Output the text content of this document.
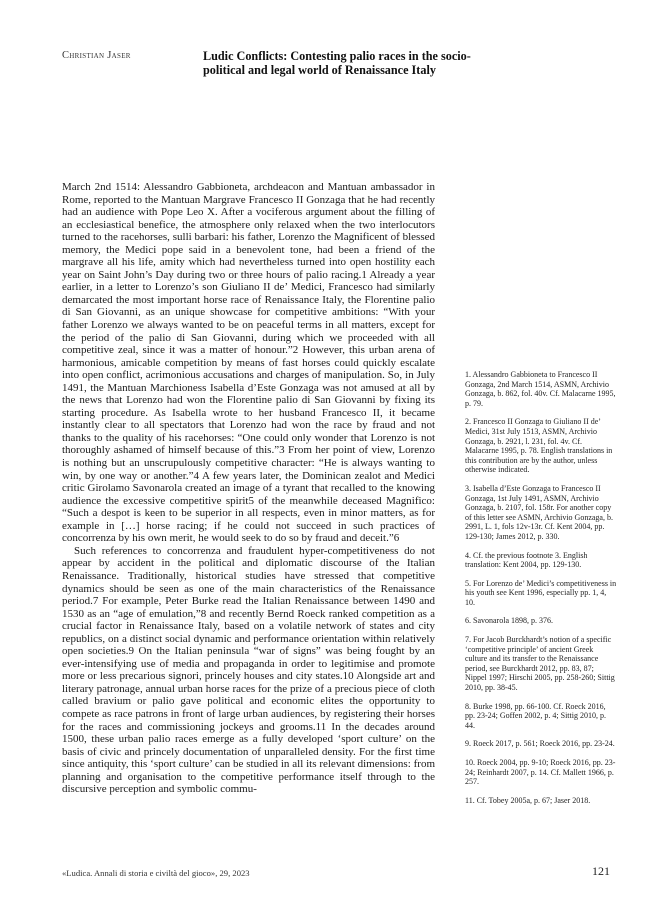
Christian Jaser	Ludic Conflicts: Contesting palio races in the socio-political and legal world of Renaissance Italy

March 2nd 1514: Alessandro Gabbioneta, archdeacon and Mantuan ambassador in Rome, reported to the Mantuan Margrave Francesco II Gonzaga that he had recently had an audience with Pope Leo X. After a vociferous argument about the filling of an ecclesiastical benefice, the atmosphere only relaxed when the two interlocutors turned to the racehorses, sulli barbari: his father, Lorenzo the Magnificent of blessed memory, the Medici pope said in a benevolent tone, had been a friend of the margrave all his life, amity which had nevertheless turned into open hostility each year on Saint John’s Day during two or three hours of palio racing.1 Already a year earlier, in a letter to Lorenzo’s son Giuliano II de’ Medici, Francesco had similarly demarcated the most important horse race of Renaissance Italy, the Florentine palio di San Giovanni, as an unique showcase for competitive ambitions: “With your father Lorenzo we always wanted to be on peaceful terms in all matters, except for the period of the palio di San Giovanni, during which we proceeded with all competitive zeal, since it was a matter of honour.”2 However, this urban arena of harmonious, amicable competition by means of fast horses could quickly escalate into open conflict, acrimonious accusations and charges of manipulation. So, in July 1491, the Mantuan Marchioness Isabella d’Este Gonzaga was not amused at all by the news that Lorenzo had won the Florentine palio di San Giovanni by fixing its starting procedure. As Isabella wrote to her husband Francesco II, it became instantly clear to all spectators that Lorenzo had won the race by fraud and not thanks to the quality of his racehorses: “One could only wonder that Lorenzo is not thoroughly ashamed of himself because of this.”3 From her point of view, Lorenzo is nothing but an unscrupulously competitive character: “He is always wanting to win, by one way or another.”4 A few years later, the Dominican zealot and Medici critic Girolamo Savonarola created an image of a tyrant that recalled to the knowing audience the excessive competitive spirit5 of the meanwhile deceased Magnifico: “Such a despot is keen to be superior in all respects, even in minor matters, as for example in […] horse racing; if he could not succeed in such practices of concorrenza by his own merit, he would seek to do so by fraud and deceit.”6

Such references to concorrenza and fraudulent hyper-competitiveness do not appear by accident in the political and diplomatic discourse of the Italian Renaissance. Traditionally, historical studies have stressed that competitive dynamics should be seen as one of the main characteristics of the Renaissance period.7 For example, Peter Burke read the Italian Renaissance between 1490 and 1530 as an “age of emulation,”8 and recently Bernd Roeck ranked competition as a crucial factor in Renaissance Italy, based on a volatile network of states and city republics, on a distinct social dynamic and performance orientation within relatively open societies.9 On the Italian peninsula “war of signs” was being fought by an ever-intensifying use of media and propaganda in order to legitimise and promote more or less precarious signori, princely houses and city states.10 Alongside art and literary patronage, annual urban horse races for the prize of a precious piece of cloth called bravium or palio gave political and economic elites the opportunity to compete as race patrons in front of large urban audiences, by registering their horses for the races and commissioning jockeys and grooms.11 In the decades around 1500, these urban palio races emerge as a fully developed ‘sport culture’ on the basis of civic and princely documentation of unparalleled density. For the first time since antiquity, this ‘sport culture’ can be studied in all its relevant dimensions: from planning and organisation to the competitive performance itself through to the discursive perception and symbolic commu-

1. Alessandro Gabbioneta to Francesco II Gonzaga, 2nd March 1514, ASMN, Archivio Gonzaga, b. 862, fol. 40v. Cf. Malacarne 1995, p. 79.
2. Francesco II Gonzaga to Giuliano II de’ Medici, 31st July 1513, ASMN, Archivio Gonzaga, b. 2921, l. 231, fol. 4v. Cf. Malacarne 1995, p. 78. English translations in this contribution are by the author, unless otherwise indicated.
3. Isabella d’Este Gonzaga to Francesco II Gonzaga, 1st July 1491, ASMN, Archivio Gonzaga, b. 2107, fol. 158r. For another copy of this letter see ASMN, Archivio Gonzaga, b. 2991, L. 1, fols 12v-13r. Cf. Kent 2004, pp. 129-130; James 2012, p. 330.
4. Cf. the previous footnote 3. English translation: Kent 2004, pp. 129-130.
5. For Lorenzo de’ Medici’s competitiveness in his youth see Kent 1996, especially pp. 1, 4, 10.
6. Savonarola 1898, p. 376.
7. For Jacob Burckhardt’s notion of a specific ‘competitive principle’ of ancient Greek culture and its transfer to the Renaissance period, see Burckhardt 2012, pp. 83, 87; Nippel 1997; Hirschi 2005, pp. 258-260; Sittig 2010, pp. 38-45.
8. Burke 1998, pp. 66-100. Cf. Roeck 2016, pp. 23-24; Goffen 2002, p. 4; Sittig 2010, p. 44.
9. Roeck 2017, p. 561; Roeck 2016, pp. 23-24.
10. Roeck 2004, pp. 9-10; Roeck 2016, pp. 23-24; Reinhardt 2007, p. 14. Cf. Mallett 1966, p. 257.
11. Cf. Tobey 2005a, p. 67; Jaser 2018.
«Ludica. Annali di storia e civiltà del gioco», 29, 2023	121
